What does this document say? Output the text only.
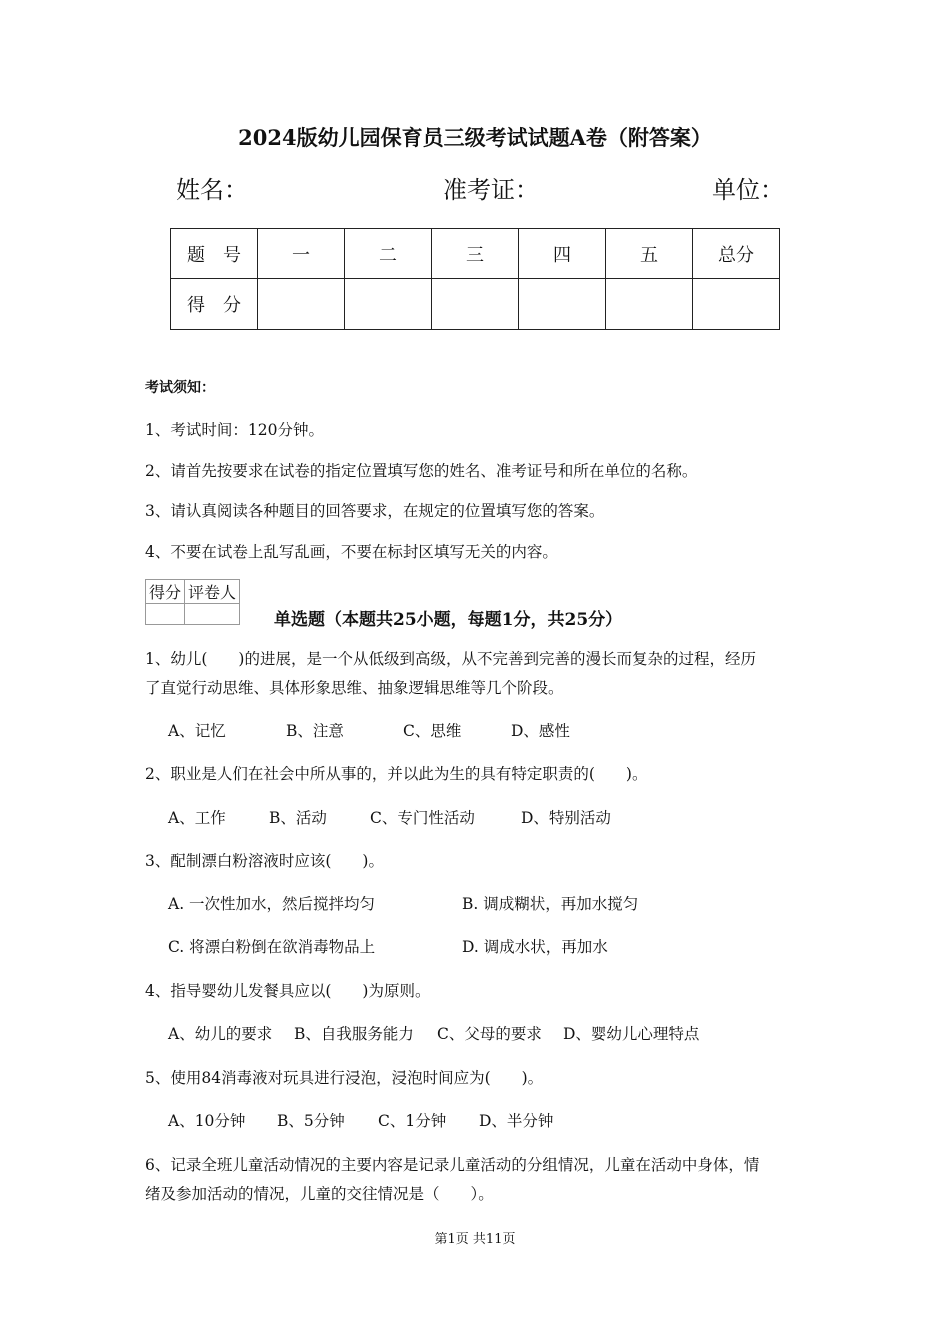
2024版幼儿园保育员三级考试试题A卷（附答案）
姓名：	准考证：	单位：
题　号	一	二	三	四	五	总分
得　分						
考试须知：
1、考试时间：120分钟。
2、请首先按要求在试卷的指定位置填写您的姓名、准考证号和所在单位的名称。
3、请认真阅读各种题目的回答要求，在规定的位置填写您的答案。
4、不要在试卷上乱写乱画，不要在标封区填写无关的内容。
得分	评卷人

单选题（本题共25小题，每题1分，共25分）
1、幼儿(　　)的进展，是一个从低级到高级，从不完善到完善的漫长而复杂的过程，经历
了直觉行动思维、具体形象思维、抽象逻辑思维等几个阶段。
A、记忆	B、注意	C、思维	D、感性
2、职业是人们在社会中所从事的，并以此为生的具有特定职责的(　　)。
A、工作	B、活动	C、专门性活动	D、特别活动
3、配制漂白粉溶液时应该(　　)。
A. 一次性加水，然后搅拌均匀	B. 调成糊状，再加水搅匀
C. 将漂白粉倒在欲消毒物品上	D. 调成水状，再加水
4、指导婴幼儿发餐具应以(　　)为原则。
A、幼儿的要求 B、自我服务能力 C、父母的要求 D、婴幼儿心理特点
5、使用84消毒液对玩具进行浸泡，浸泡时间应为(　　)。
A、10分钟 B、5分钟 C、1分钟 D、半分钟
6、记录全班儿童活动情况的主要内容是记录儿童活动的分组情况，儿童在活动中身体，情
绪及参加活动的情况，儿童的交往情况是（　　）。
第1页 共11页
